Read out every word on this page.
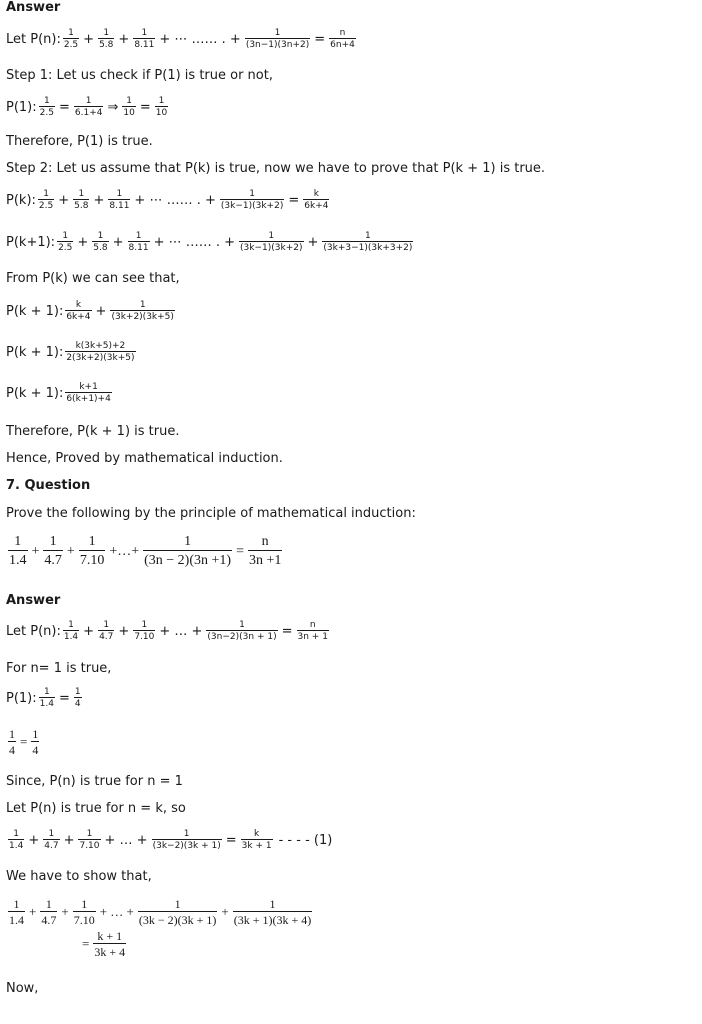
Answer
Let P(n): 1
$2.5 + \frac{1}{5.8} + \frac{1}{8.11}$ + ⋯ …… . + $\frac{1}{(3n-1)(3n+2)} = \frac{n}{6n+4}$
Step 1: Let us check if P(1) is true or not,
P(1): $\frac{1}{2.5} = \frac{1}{6.1+4}$ ⇒ $\frac{1}{10} = \frac{1}{10}$
Therefore, P(1) is true.
Step 2: Let us assume that P(k) is true, now we have to prove that P(k + 1) is true.
P(k): 1
$2.5 + \frac{1}{5.8} + \frac{1}{8.11}$ + ⋯ …… . + $\frac{1}{(3k-1)(3k+2)} = \frac{k}{6k+4}$
P(k+1): 1
$2.5 + \frac{1}{5.8} + \frac{1}{8.11}$ + ⋯ …… . + $\frac{1}{(3k-1)(3k+2)} + \frac{1}{(3k+3-1)(3k+3+2)}$
From P(k) we can see that,
P(k + 1): k
$6k+4 + \frac{1}{(3k+2)(3k+5)}$
P(k + 1): k(3k+5)+2
2(3k+2)(3k+5)
P(k + 1): k+1
6(k+1)+4
Therefore, P(k + 1) is true.
Hence, Proved by mathematical induction.
7. Question
Prove the following by the principle of mathematical induction:
1
1.4
+ $\frac{1}{4.7} + \frac{1}{7.10}$ +…+ $\frac{1}{(3n - 2)(3n +1)} = \frac{n}{3n +1}$
Answer
Let P(n): 1
$1.4 + \frac{1}{4.7} + \frac{1}{7.10}$ + … + $\frac{1}{(3n-2)(3n + 1)} = \frac{n}{3n + 1}$
For n= 1 is true,
P(1): $\frac{1}{1.4} = \frac{1}{4}$
$\frac{1}{4} = \frac{1}{4}$
Since, P(n) is true for n = 1
Let P(n) is true for n = k, so
1
$1.4 + \frac{1}{4.7} + \frac{1}{7.10}$ + … + $\frac{1}{(3k-2)(3k + 1)} = \frac{k}{3k + 1}$ - - - - (1)
We have to show that,
1
1.4
+ $\frac{1}{4.7} + \frac{1}{7.10}$ + … + $\frac{1}{(3k - 2)(3k + 1)} + \frac{1}{(3k + 1)(3k + 4)}$
= $\frac{k + 1}{3k + 4}$
Now,
